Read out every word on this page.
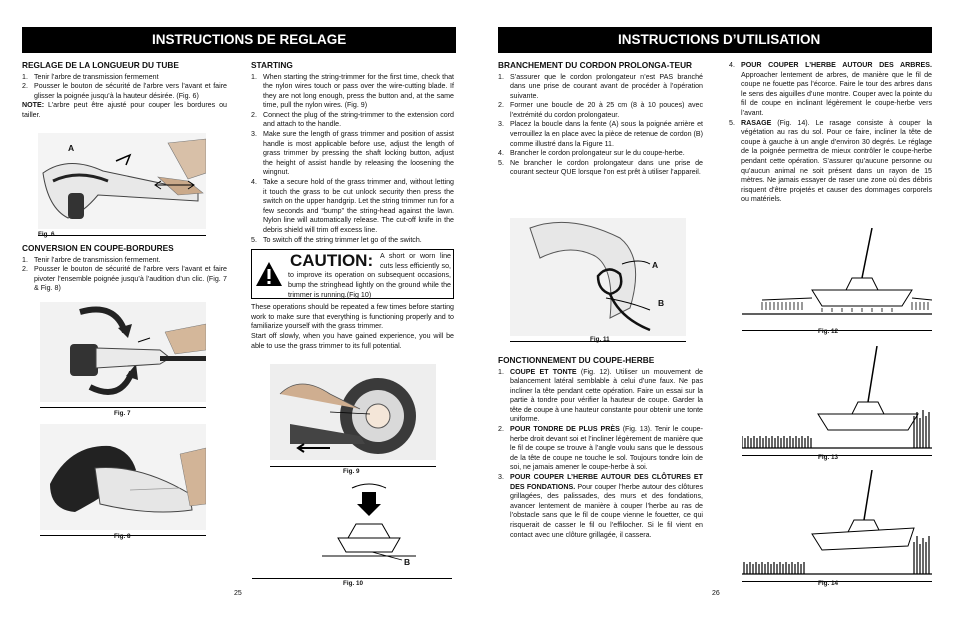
INSTRUCTIONS DE REGLAGE
REGLAGE DE LA LONGUEUR DU TUBE
1. Tenir l’arbre de transmission fermement
2. Pousser le bouton de sécurité de l’arbre vers l’avant et faire glisser la poignée jusqu’à la hauteur désirée. (Fig. 6)
NOTE: L’arbre peut être ajusté pour couper les bordures ou tailler.
A
Fig. 6
CONVERSION EN COUPE-BORDURES
1. Tenir l’arbre de transmission fermement.
2. Pousser le bouton de sécurité de l’arbre vers l’avant et faire pivoter l’ensemble poignée jusqu’à l’audition d’un clic. (Fig. 7 & Fig. 8)
Fig. 7
Fig. 8
STARTING
1. When starting the string-trimmer for the first time, check that the nylon wires touch or pass over the wire-cutting blade. If they are not long enough, press the button and, at the same time, pull the nylon wires. (Fig. 9)
2. Connect the plug of the string-trimmer to the extension cord and attach to the handle.
3. Make sure the length of grass trimmer and position of assist handle is most applicable before use, adjust the length of grass trimmer by pressing the shaft locking button, adjust the height of assist handle by releasing the loosening the wingnut.
4. Take a secure hold of the grass trimmer and, without letting it touch the grass to be cut unlock security then press the switch on the upper handgrip. Let the string trimmer run for a few seconds and “bump” the string-head against the lawn. Nylon line will automatically release. The cut-off knife in the debris shield will trim off excess line.
5. To switch off the string trimmer let go of the switch.
CAUTION: A short or worn line cuts less efficiently so, to improve its operation on subsequent occasions, bump the stringhead lightly on the ground while the trimmer is running.(Fig 10)
These operations should be repeated a few times before starting work to make sure that everything is functioning properly and to familiarize yourself with the grass trimmer.
Start off slowly, when you have gained experience, you will be able to use the grass trimmer to its full potential.
Fig. 9
B
Fig. 10
25
INSTRUCTIONS D’UTILISATION
BRANCHEMENT DU CORDON PROLONGA-TEUR
1. S’assurer que le cordon prolongateur n’est PAS branché dans une prise de courant avant de procéder à l’opération suivante.
2. Former une boucle de 20 à 25 cm (8 à 10 pouces) avec l’extrémité du cordon prolongateur.
3. Placez la boucle dans la fente (A) sous la poignée arrière et verrouillez la en place avec la pièce de retenue de cordon (B) comme illustré dans la Figure 11.
4. Brancher le cordon prolongateur sur le du coupe-herbe.
5. Ne brancher le cordon prolongateur dans une prise de courant secteur QUE lorsque l’on est prêt à utiliser l’appareil.
A
B
Fig. 11
FONCTIONNEMENT DU COUPE-HERBE
1. COUPE ET TONTE (Fig. 12). Utiliser un mouvement de balancement latéral semblable à celui d’une faux. Ne pas incliner la tête pendant cette opération. Faire un essai sur la partie à tondre pour vérifier la hauteur de coupe. Garder la tête de coupe à une hauteur constante pour obtenir une tonte uniforme.
2. POUR TONDRE DE PLUS PRÈS (Fig. 13). Tenir le coupe-herbe droit devant soi et l’incliner légèrement de manière que le fil de coupe se trouve à l’angle voulu sans que le dessous de la tête de coupe ne touche le sol. Toujours tondre loin de soi, ne jamais amener le coupe-herbe à soi.
3. POUR COUPER L’HERBE AUTOUR DES CLÔTURES ET DES FONDATIONS. Pour couper l’herbe autour des clôtures grillagées, des palissades, des murs et des fondations, avancer lentement de manière à couper l’herbe au ras de l’obstacle sans que le fil de coupe vienne le fouetter, ce qui risquerait de casser le fil ou l’effilocher. Si le fil vient en contact avec une clôture grillagée, il cassera.
4. POUR COUPER L’HERBE AUTOUR DES ARBRES. Approacher lentement de arbres, de manière que le fil de coupe ne fouette pas l’écorce. Faire le tour des arbres dans le sens des aiguilles d’une montre. Couper avec la pointe du fil de coupe en inclinant légèrement le coupe-herbe vers l’avant.
5. RASAGE (Fig. 14). Le rasage consiste à couper la végétation au ras du sol. Pour ce faire, incliner la tête de coupe à gauche à un angle d’environ 30 degrés. Le réglage de la poignée permettra de mieux contrôler le coupe-herbe pendant cette opération. S’assurer qu’aucune personne ou qu’aucun animal ne soit présent dans un rayon de 15 mètres. Ne jamais essayer de raser une zone où des débris risquent d’être projetés et causer des dommages corporels ou matériels.
Fig. 12
Fig. 13
Fig. 14
26
